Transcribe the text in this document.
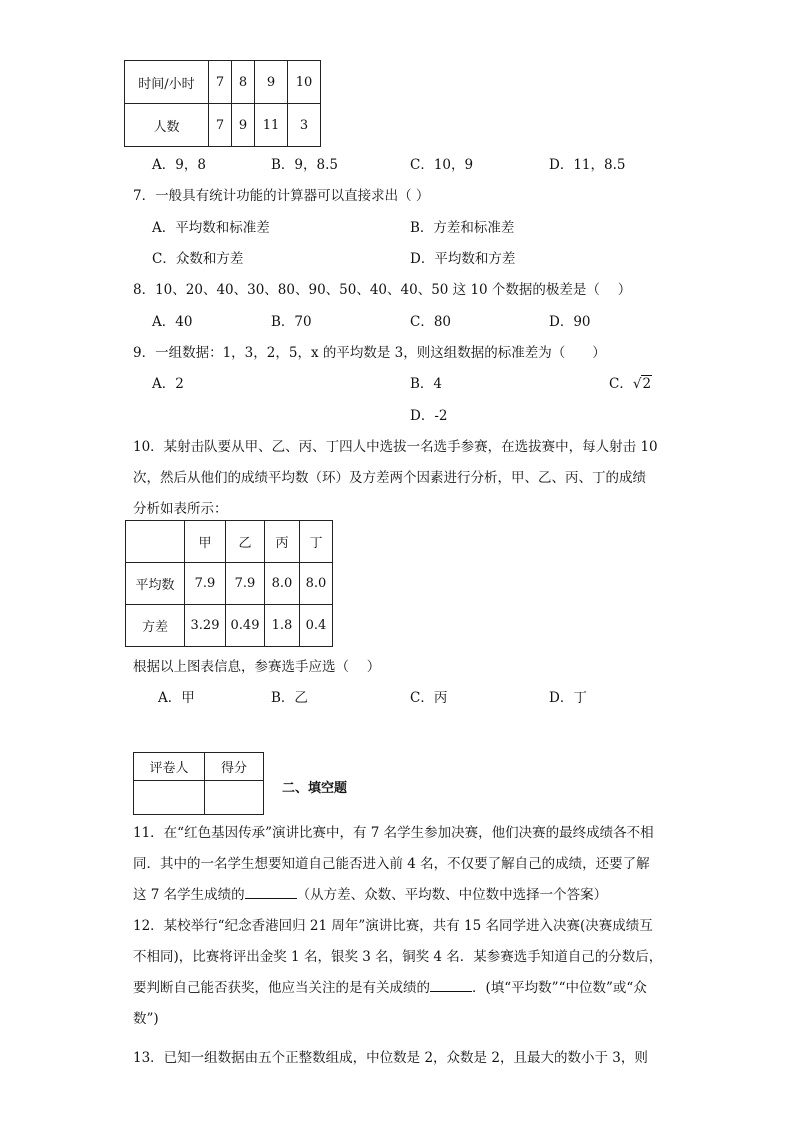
时间/小时	7	8	9	10
人数	7	9	11	3
A．9，8	B．9，8.5	C．10，9	D．11，8.5
7．一般具有统计功能的计算器可以直接求出（ ）
A．平均数和标准差	B．方差和标准差
C．众数和方差	D．平均数和方差
8．10、20、40、30、80、90、50、40、40、50 这 10 个数据的极差是（　 ）
A．40	B．70	C．80	D．90
9．一组数据：1，3，2，5，x 的平均数是 3，则这组数据的标准差为（　　）
A．2	B．4	C．√2
D．-2
10．某射击队要从甲、乙、丙、丁四人中选拔一名选手参赛，在选拔赛中，每人射击 10
次，然后从他们的成绩平均数（环）及方差两个因素进行分析，甲、乙、丙、丁的成绩
分析如表所示：
	甲	乙	丙	丁
平均数	7.9	7.9	8.0	8.0
方差	3.29	0.49	1.8	0.4
根据以上图表信息，参赛选手应选（　 ）
A．甲	B．乙	C．丙	D．丁
评卷人	得分

二、填空题
11．在“红色基因传承”演讲比赛中，有 7 名学生参加决赛，他们决赛的最终成绩各不相
同．其中的一名学生想要知道自己能否进入前 4 名，不仅要了解自己的成绩，还要了解
这 7 名学生成绩的	（从方差、众数、平均数、中位数中选择一个答案）
12．某校举行“纪念香港回归 21 周年”演讲比赛，共有 15 名同学进入决赛(决赛成绩互
不相同)，比赛将评出金奖 1 名，银奖 3 名，铜奖 4 名．某参赛选手知道自己的分数后，
要判断自己能否获奖，他应当关注的是有关成绩的	．(填“平均数”“中位数”或“众
数”)
13．已知一组数据由五个正整数组成，中位数是 2，众数是 2，且最大的数小于 3，则
